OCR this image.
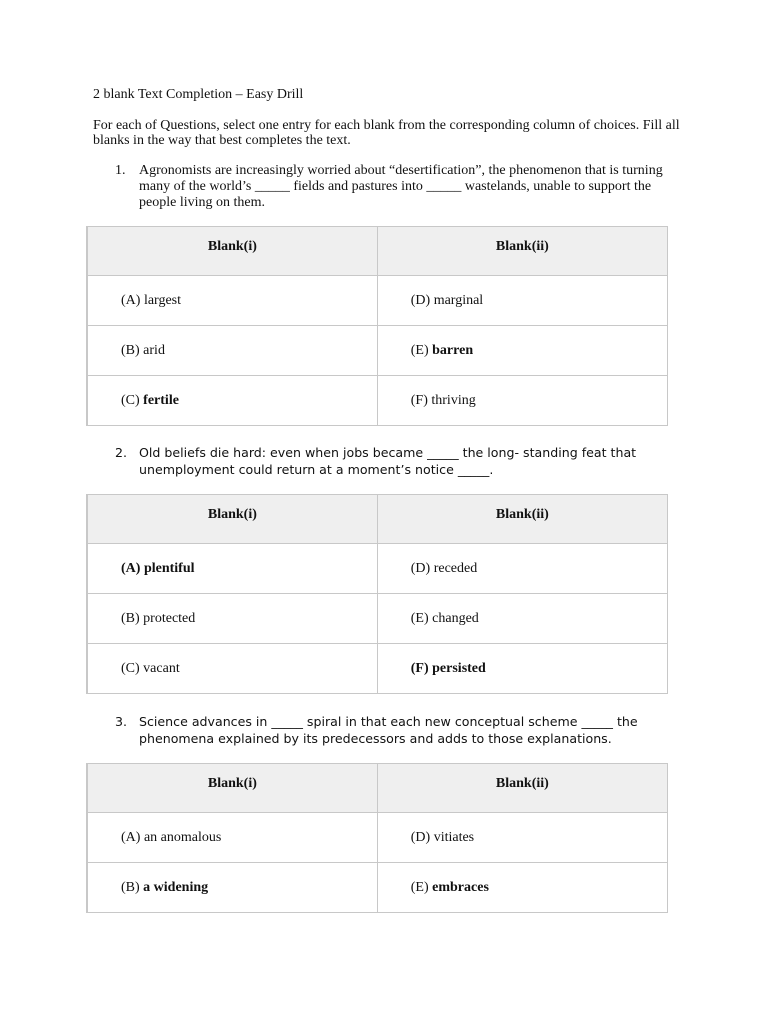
2 blank Text Completion – Easy Drill
For each of Questions, select one entry for each blank from the corresponding column of choices. Fill all blanks in the way that best completes the text.
1. Agronomists are increasingly worried about “desertification”, the phenomenon that is turning many of the world’s _____ fields and pastures into _____ wastelands, unable to support the people living on them.
Blank(i)	Blank(ii)
(A) largest	(D) marginal
(B) arid	(E) barren
(C) fertile	(F) thriving
2. Old beliefs die hard: even when jobs became _____ the long- standing feat that unemployment could return at a moment’s notice _____.
Blank(i)	Blank(ii)
(A) plentiful	(D) receded
(B) protected	(E) changed
(C) vacant	(F) persisted
3. Science advances in _____ spiral in that each new conceptual scheme _____ the phenomena explained by its predecessors and adds to those explanations.
Blank(i)	Blank(ii)
(A) an anomalous	(D) vitiates
(B) a widening	(E) embraces
